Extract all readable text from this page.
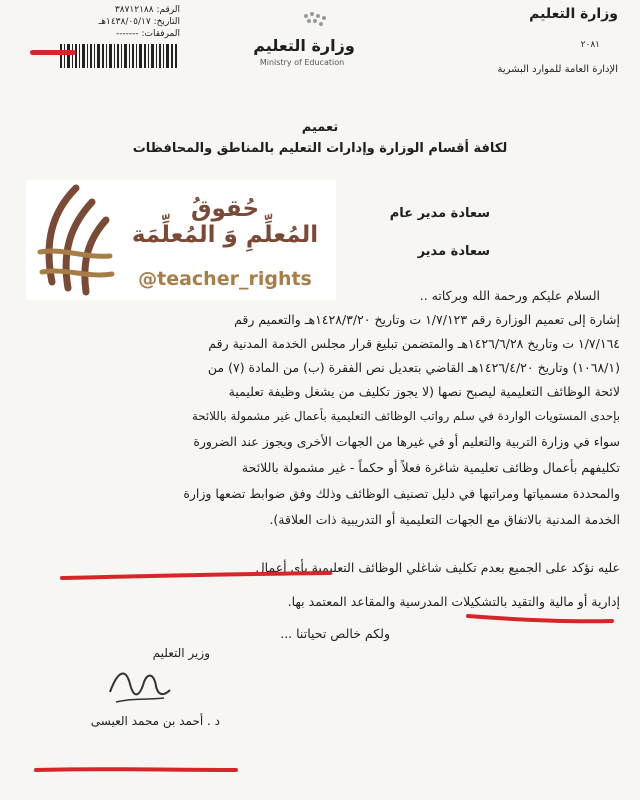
وزارة التعليم
٢٠٨١
الإدارة العامة للموارد البشرية
وزارة التعليم
Ministry of Education
الرقم: ٣٨٧١٢١٨٨
التاريخ: ١٤٣٨/٠٥/١٧هـ
المرفقات: -------
تعميم
لكافة أقسام الوزارة وإدارات التعليم بالمناطق والمحافظات
حُقوقُ
المُعلِّمِ وَ المُعلِّمَة
@teacher_rights
سعادة مدير عام
سعادة مدير
السلام عليكم ورحمة الله وبركاته ..
إشارة إلى تعميم الوزارة رقم ١/٧/١٢٣ ت وتاريخ ١٤٢٨/٣/٢٠هـ والتعميم رقم
١/٧/١٦٤ ت وتاريخ ١٤٢٦/٦/٢٨هـ والمتضمن تبليغ قرار مجلس الخدمة المدنية رقم
(١٠٦٨/١) وتاريخ ١٤٢٦/٤/٢٠هـ القاضي بتعديل نص الفقرة (ب) من المادة (٧) من
لائحة الوظائف التعليمية ليصبح نصها (لا يجوز تكليف من يشغل وظيفة تعليمية
بإحدى المستويات الواردة في سلم رواتب الوظائف التعليمية بأعمال غير مشمولة باللائحة
سواء في وزارة التربية والتعليم أو في غيرها من الجهات الأخرى ويجوز عند الضرورة
تكليفهم بأعمال وظائف تعليمية شاغرة فعلاً أو حكماً - غير مشمولة باللائحة
والمحددة مسمياتها ومراتبها في دليل تصنيف الوظائف وذلك وفق ضوابط تضعها وزارة
الخدمة المدنية بالاتفاق مع الجهات التعليمية أو التدريبية ذات العلاقة).
عليه نؤكد على الجميع بعدم تكليف شاغلي الوظائف التعليمية بأي أعمال
إدارية أو مالية والتقيد بالتشكيلات المدرسية والمقاعد المعتمد بها.
ولكم خالص تحياتنا ...
وزير التعليم
د . أحمد بن محمد العيسى
